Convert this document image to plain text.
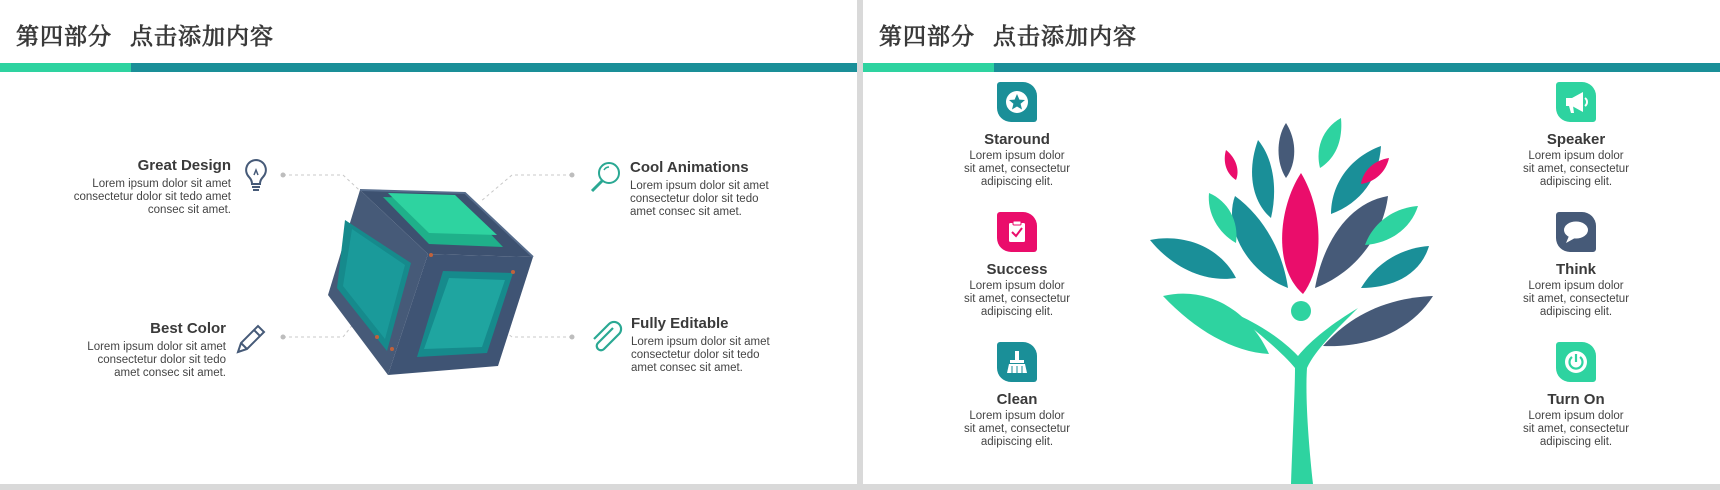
第四部分  点击添加内容
Great Design
Lorem ipsum dolor sit amet
consectetur dolor sit tedo amet
consec sit amet.
Cool Animations
Lorem ipsum dolor sit amet
consectetur dolor sit tedo
amet consec sit amet.
Best Color
Lorem ipsum dolor sit amet
consectetur dolor sit tedo
amet consec sit amet.
Fully Editable
Lorem ipsum dolor sit amet
consectetur dolor sit tedo
amet consec sit amet.
第四部分  点击添加内容
Staround
Lorem ipsum dolor
sit amet, consectetur
adipiscing elit.
Success
Lorem ipsum dolor
sit amet, consectetur
adipiscing elit.
Clean
Lorem ipsum dolor
sit amet, consectetur
adipiscing elit.
Speaker
Lorem ipsum dolor
sit amet, consectetur
adipiscing elit.
Think
Lorem ipsum dolor
sit amet, consectetur
adipiscing elit.
Turn On
Lorem ipsum dolor
sit amet, consectetur
adipiscing elit.
